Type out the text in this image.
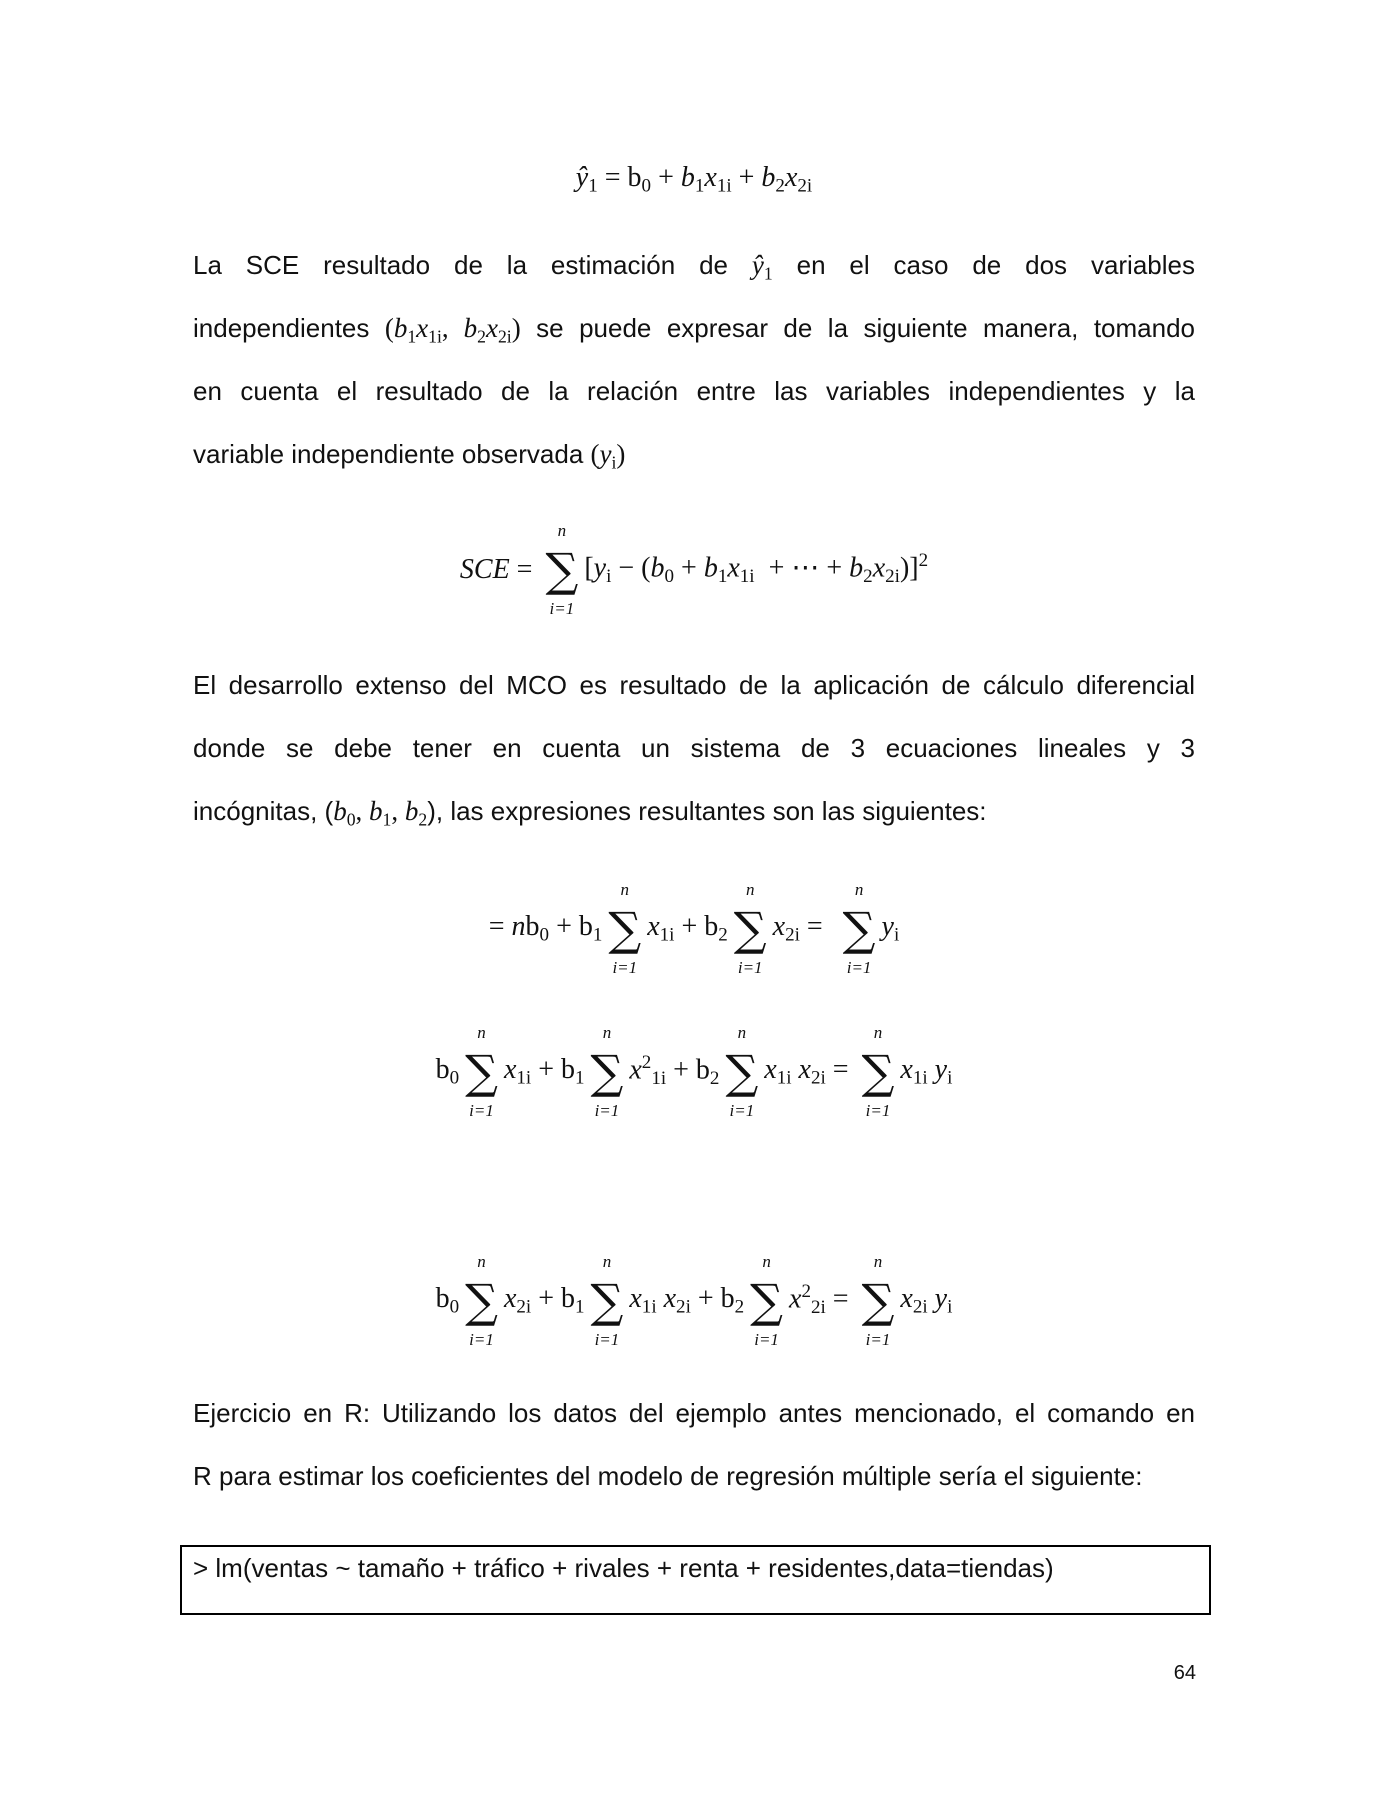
$ŷ_1 = b_0 + b_1x_{1i} + b_2x_{2i}$
La SCE resultado de la estimación de $ŷ_1$ en el caso de dos variables
independientes ($b_1x_{1i}$, $b_2x_{2i}$) se puede expresar de la siguiente manera, tomando
en cuenta el resultado de la relación entre las variables independientes y la
variable independiente observada $(y_i)$
SCE =
n
∑
i=1
[$y_i - (b_0 + b_1x_{1i}$  + ⋯ + $b_2x_{2i})]^2$
El desarrollo extenso del MCO es resultado de la aplicación de cálculo diferencial
donde se debe tener en cuenta un sistema de 3 ecuaciones lineales y 3
incógnitas, ($b_0$, $b_1$, $b_2$), las expresiones resultantes son las siguientes:
= $nb_0 + b_1$
n
∑
i=1
$x_{1i} + b_2$
n
∑
i=1
$x_{2i}$ =
n
∑
i=1
$y_i$
$b_0$
n
∑
i=1
$x_{1i} + b_1$
n
∑
i=1
$x^2_{1i} + b_2$
n
∑
i=1
$x_{1i}$ $x_{2i}$ =
n
∑
i=1
$x_{1i}$ $y_i$
$b_0$
n
∑
i=1
$x_{2i} + b_1$
n
∑
i=1
$x_{1i}$ $x_{2i} + b_2$
n
∑
i=1
$x^2_{2i}$ =
n
∑
i=1
$x_{2i}$ $y_i$
Ejercicio en R: Utilizando los datos del ejemplo antes mencionado, el comando en
R para estimar los coeficientes del modelo de regresión múltiple sería el siguiente:
> lm(ventas ~ tamaño + tráfico + rivales + renta + residentes,data=tiendas)
64
